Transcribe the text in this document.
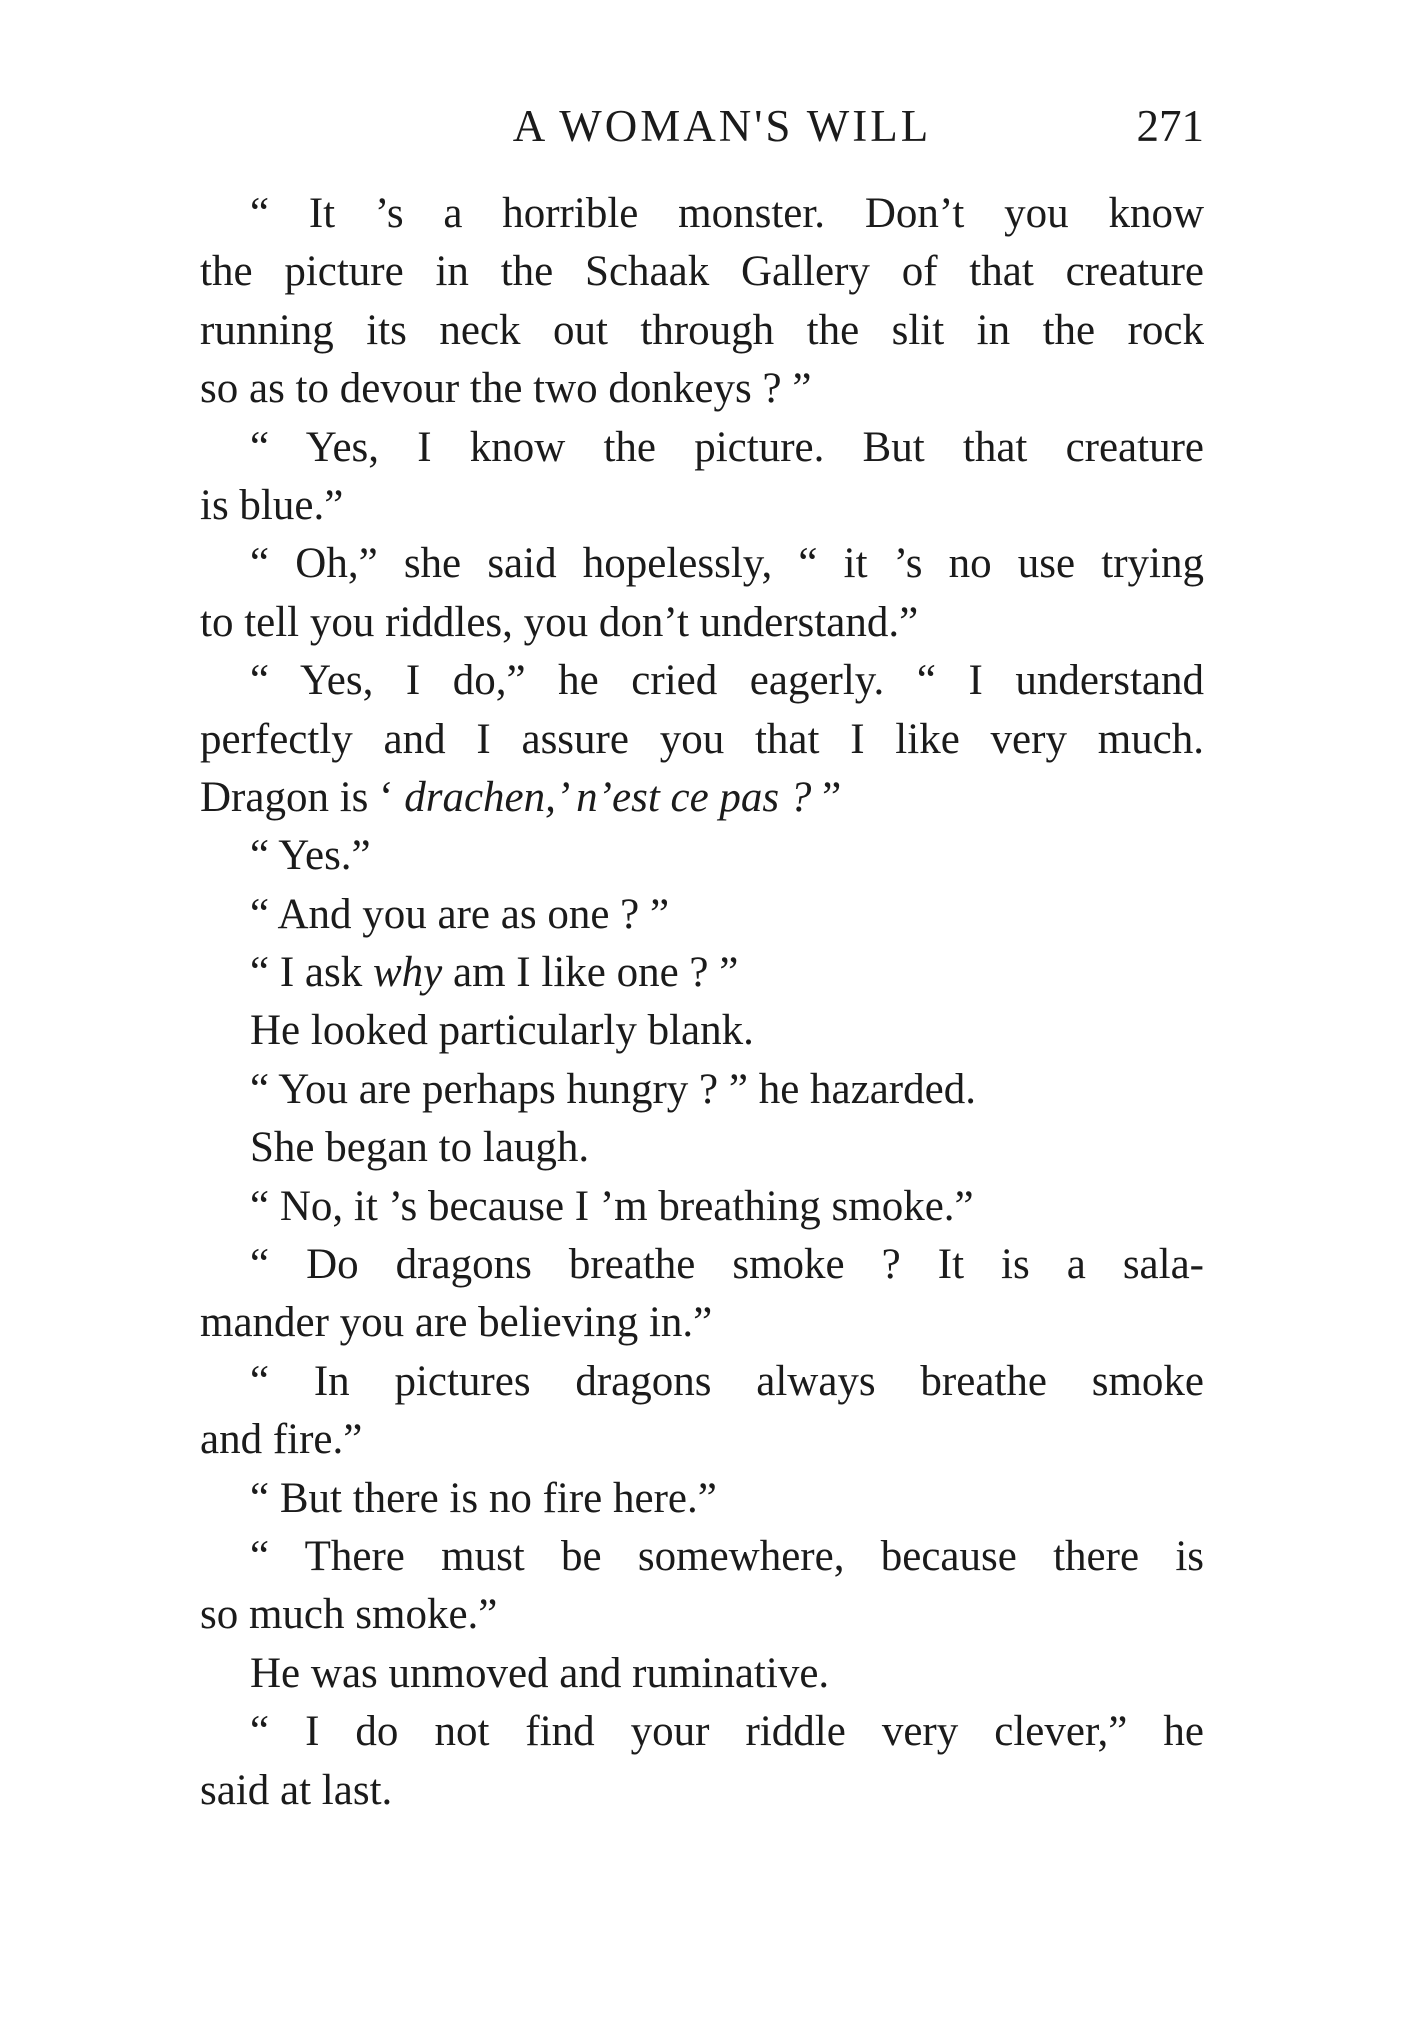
A WOMAN'S WILL	271
“ It ’s a horrible monster. Don’t you know
the picture in the Schaak Gallery of that creature
running its neck out through the slit in the rock
so as to devour the two donkeys ? ”
“ Yes, I know the picture. But that creature
is blue.”
“ Oh,” she said hopelessly, “ it ’s no use trying
to tell you riddles, you don’t understand.”
“ Yes, I do,” he cried eagerly. “ I understand
perfectly and I assure you that I like very much.
Dragon is ‘ drachen,’ n’est ce pas ? ”
“ Yes.”
“ And you are as one ? ”
“ I ask why am I like one ? ”
He looked particularly blank.
“ You are perhaps hungry ? ” he hazarded.
She began to laugh.
“ No, it ’s because I ’m breathing smoke.”
“ Do dragons breathe smoke ? It is a sala-
mander you are believing in.”
“ In pictures dragons always breathe smoke
and fire.”
“ But there is no fire here.”
“ There must be somewhere, because there is
so much smoke.”
He was unmoved and ruminative.
“ I do not find your riddle very clever,” he
said at last.
